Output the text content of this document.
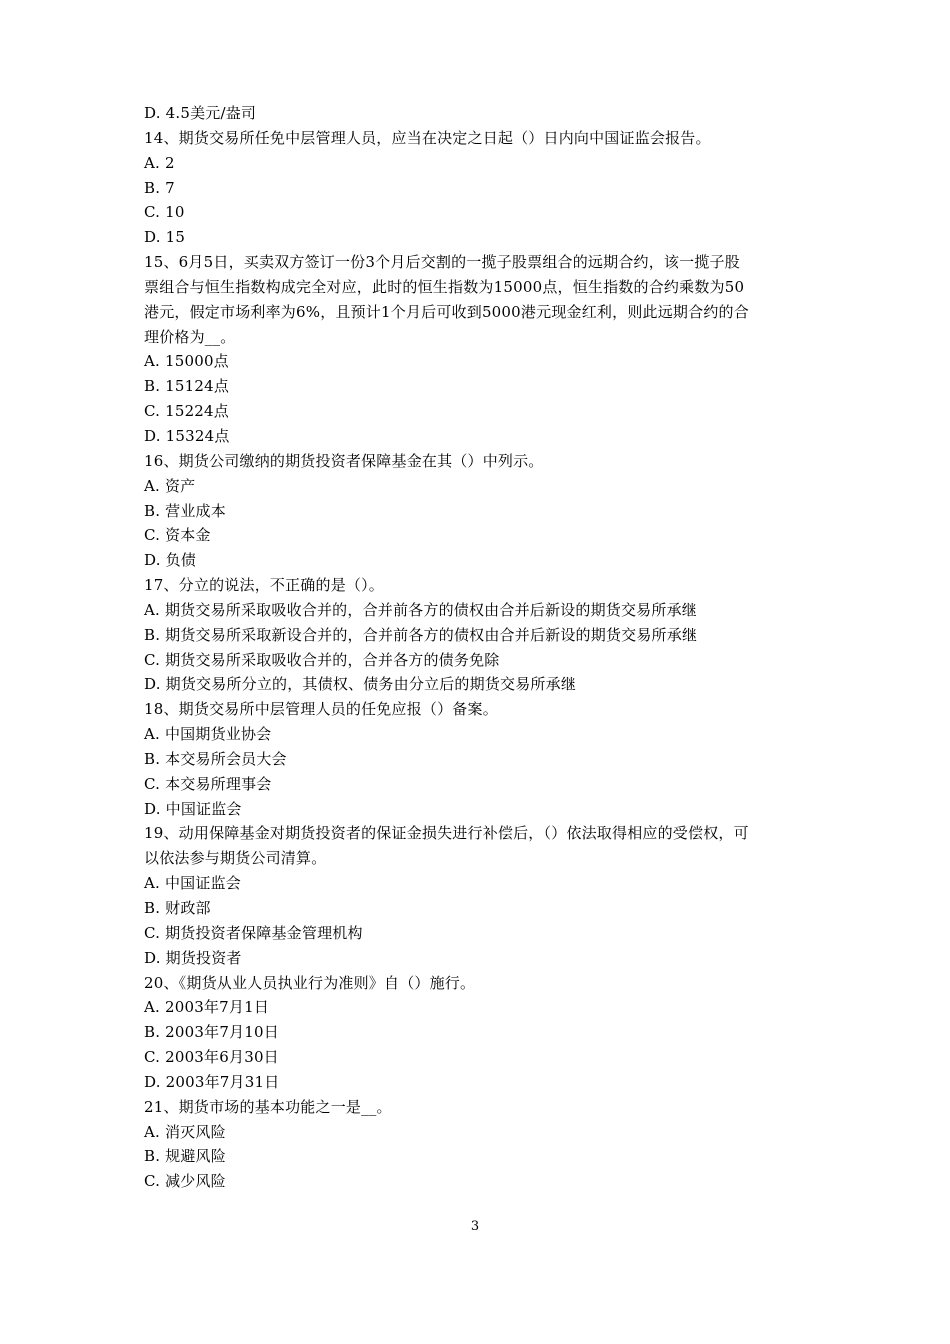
D. 4.5美元/盎司
14、期货交易所任免中层管理人员，应当在决定之日起（）日内向中国证监会报告。
A. 2
B. 7
C. 10
D. 15
15、6月5日，买卖双方签订一份3个月后交割的一揽子股票组合的远期合约，该一揽子股
票组合与恒生指数构成完全对应，此时的恒生指数为15000点，恒生指数的合约乘数为50
港元，假定市场利率为6%，且预计1个月后可收到5000港元现金红利，则此远期合约的合
理价格为__。
A. 15000点
B. 15124点
C. 15224点
D. 15324点
16、期货公司缴纳的期货投资者保障基金在其（）中列示。
A. 资产
B. 营业成本
C. 资本金
D. 负债
17、分立的说法，不正确的是（）。
A. 期货交易所采取吸收合并的，合并前各方的债权由合并后新设的期货交易所承继
B. 期货交易所采取新设合并的，合并前各方的债权由合并后新设的期货交易所承继
C. 期货交易所采取吸收合并的，合并各方的债务免除
D. 期货交易所分立的，其债权、债务由分立后的期货交易所承继
18、期货交易所中层管理人员的任免应报（）备案。
A. 中国期货业协会
B. 本交易所会员大会
C. 本交易所理事会
D. 中国证监会
19、动用保障基金对期货投资者的保证金损失进行补偿后，（）依法取得相应的受偿权，可
以依法参与期货公司清算。
A. 中国证监会
B. 财政部
C. 期货投资者保障基金管理机构
D. 期货投资者
20、《期货从业人员执业行为准则》自（）施行。
A. 2003年7月1日
B. 2003年7月10日
C. 2003年6月30日
D. 2003年7月31日
21、期货市场的基本功能之一是__。
A. 消灭风险
B. 规避风险
C. 减少风险
3
